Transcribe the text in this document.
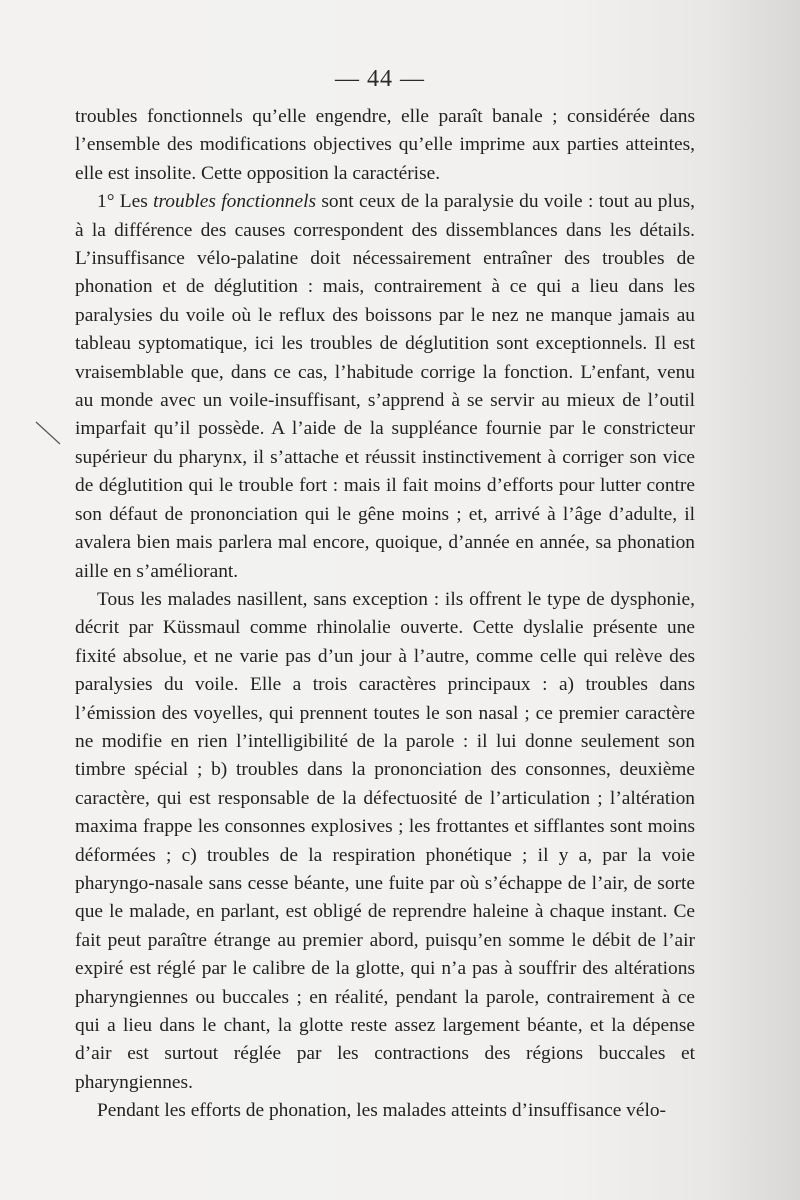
— 44 —

troubles fonctionnels qu’elle engendre, elle paraît banale ; considérée dans l’ensemble des modifications objectives qu’elle imprime aux parties atteintes, elle est insolite. Cette opposition la caractérise.

1° Les troubles fonctionnels sont ceux de la paralysie du voile : tout au plus, à la différence des causes correspondent des dissemblances dans les détails. L’insuffisance vélo-palatine doit nécessairement entraîner des troubles de phonation et de déglutition : mais, contrairement à ce qui a lieu dans les paralysies du voile où le reflux des boissons par le nez ne manque jamais au tableau syptomatique, ici les troubles de déglutition sont exceptionnels. Il est vraisemblable que, dans ce cas, l’habitude corrige la fonction. L’enfant, venu au monde avec un voile-insuffisant, s’apprend à se servir au mieux de l’outil imparfait qu’il possède. A l’aide de la suppléance fournie par le constricteur supérieur du pharynx, il s’attache et réussit instinctivement à corriger son vice de déglutition qui le trouble fort : mais il fait moins d’efforts pour lutter contre son défaut de prononciation qui le gêne moins ; et, arrivé à l’âge d’adulte, il avalera bien mais parlera mal encore, quoique, d’année en année, sa phonation aille en s’améliorant.

Tous les malades nasillent, sans exception : ils offrent le type de dysphonie, décrit par Küssmaul comme rhinolalie ouverte. Cette dyslalie présente une fixité absolue, et ne varie pas d’un jour à l’autre, comme celle qui relève des paralysies du voile. Elle a trois caractères principaux : a) troubles dans l’émission des voyelles, qui prennent toutes le son nasal ; ce premier caractère ne modifie en rien l’intelligibilité de la parole : il lui donne seulement son timbre spécial ; b) troubles dans la prononciation des consonnes, deuxième caractère, qui est responsable de la défectuosité de l’articulation ; l’altération maxima frappe les consonnes explosives ; les frottantes et sifflantes sont moins déformées ; c) troubles de la respiration phonétique ; il y a, par la voie pharyngo-nasale sans cesse béante, une fuite par où s’échappe de l’air, de sorte que le malade, en parlant, est obligé de reprendre haleine à chaque instant. Ce fait peut paraître étrange au premier abord, puisqu’en somme le débit de l’air expiré est réglé par le calibre de la glotte, qui n’a pas à souffrir des altérations pharyngiennes ou buccales ; en réalité, pendant la parole, contrairement à ce qui a lieu dans le chant, la glotte reste assez largement béante, et la dépense d’air est surtout réglée par les contractions des régions buccales et pharyngiennes.

Pendant les efforts de phonation, les malades atteints d’insuffisance vélo-
